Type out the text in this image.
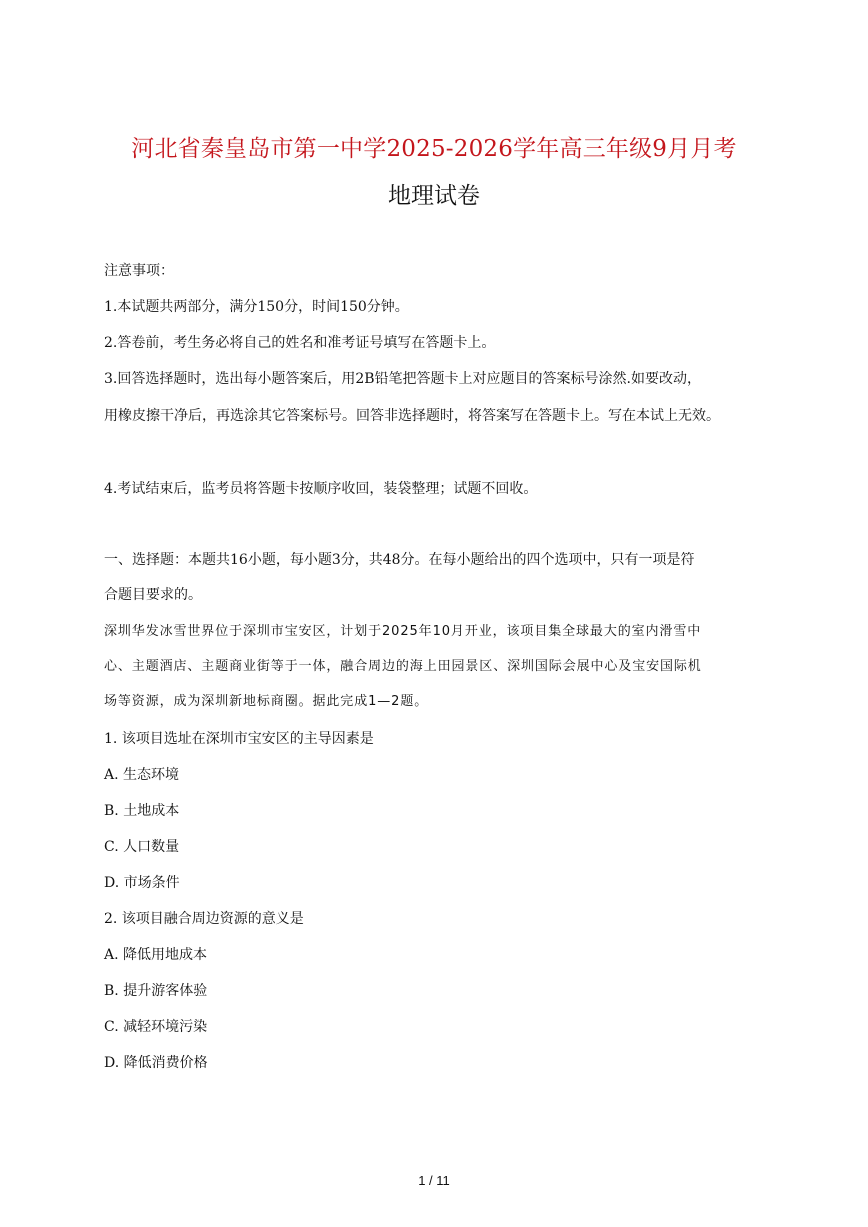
河北省秦皇岛市第一中学2025-2026学年高三年级9月月考
地理试卷
注意事项：
1.本试题共两部分，满分150分，时间150分钟。
2.答卷前，考生务必将自己的姓名和准考证号填写在答题卡上。
3.回答选择题时，选出每小题答案后，用2B铅笔把答题卡上对应题目的答案标号涂然.如要改动，
用橡皮擦干净后，再选涂其它答案标号。回答非选择题时，将答案写在答题卡上。写在本试上无效。
4.考试结束后，监考员将答题卡按顺序收回，装袋整理；试题不回收。
一、选择题：本题共16小题，每小题3分，共48分。在每小题给出的四个选项中，只有一项是符
合题目要求的。
深圳华发冰雪世界位于深圳市宝安区，计划于2025年10月开业，该项目集全球最大的室内滑雪中
心、主题酒店、主题商业街等于一体，融合周边的海上田园景区、深圳国际会展中心及宝安国际机
场等资源，成为深圳新地标商圈。据此完成1—2题。
1. 该项目选址在深圳市宝安区的主导因素是
A. 生态环境
B. 土地成本
C. 人口数量
D. 市场条件
2. 该项目融合周边资源的意义是
A. 降低用地成本
B. 提升游客体验
C. 减轻环境污染
D. 降低消费价格
1 / 11
